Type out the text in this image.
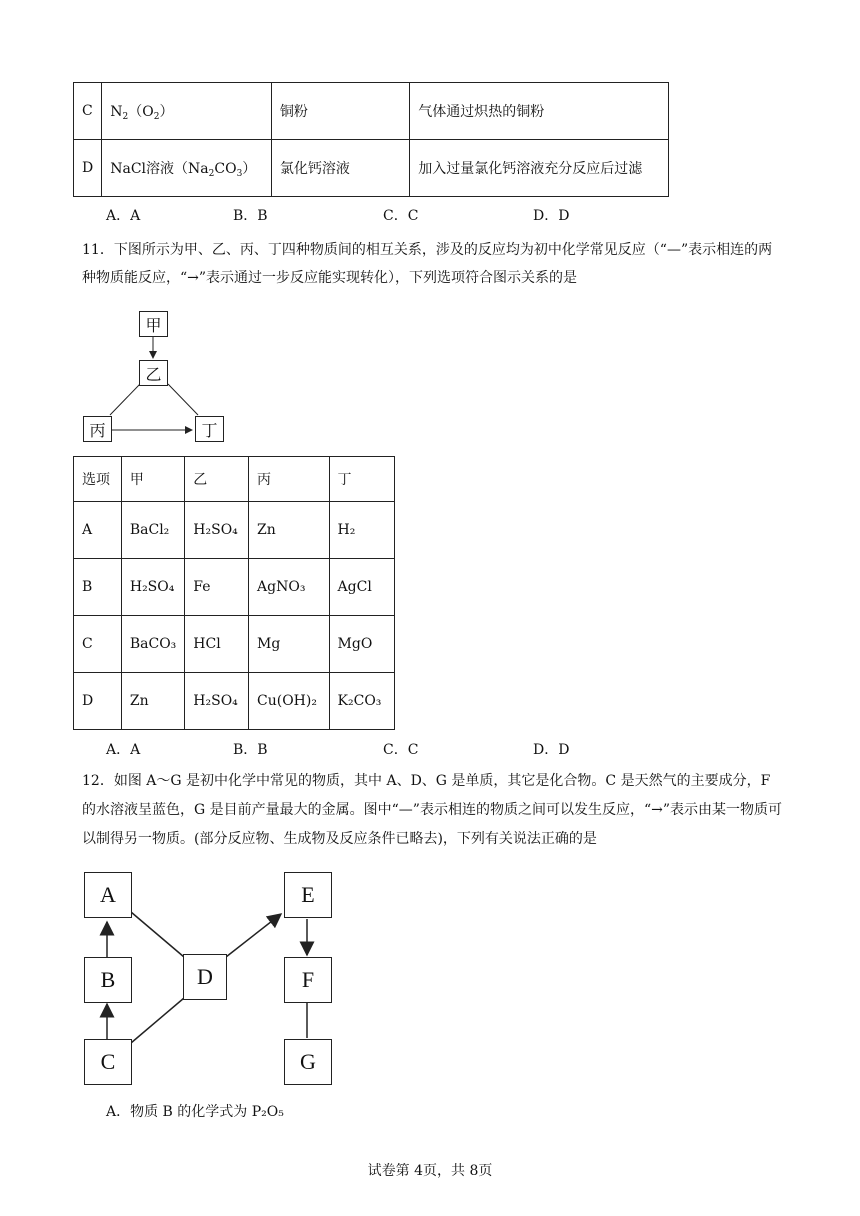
C	$N_2(O_2)$	铜粉	气体通过炽热的铜粉
D	NaCl溶液$(Na_2CO_3)$	氯化钙溶液	加入过量氯化钙溶液充分反应后过滤
A．A	B．B	C．C	D．D
11．下图所示为甲、乙、丙、丁四种物质间的相互关系，涉及的反应均为初中化学常见反应（“—”表示相连的两种物质能反应，“→”表示通过一步反应能实现转化），下列选项符合图示关系的是
甲
乙
丙	丁
选项	甲	乙	丙	丁
A	BaCl₂	H₂SO₄	Zn	H₂
B	H₂SO₄	Fe	AgNO₃	AgCl
C	BaCO₃	HCl	Mg	MgO
D	Zn	H₂SO₄	Cu(OH)₂	K₂CO₃
A．A	B．B	C．C	D．D
12．如图 A～G 是初中化学中常见的物质，其中 A、D、G 是单质，其它是化合物。C 是天然气的主要成分，F 的水溶液呈蓝色，G 是目前产量最大的金属。图中“—”表示相连的物质之间可以发生反应，“→”表示由某一物质可以制得另一物质。(部分反应物、生成物及反应条件已略去)，下列有关说法正确的是
A
B
C
D
E
F
G
A．物质 B 的化学式为 P₂O₅
试卷第 4页，共 8页
